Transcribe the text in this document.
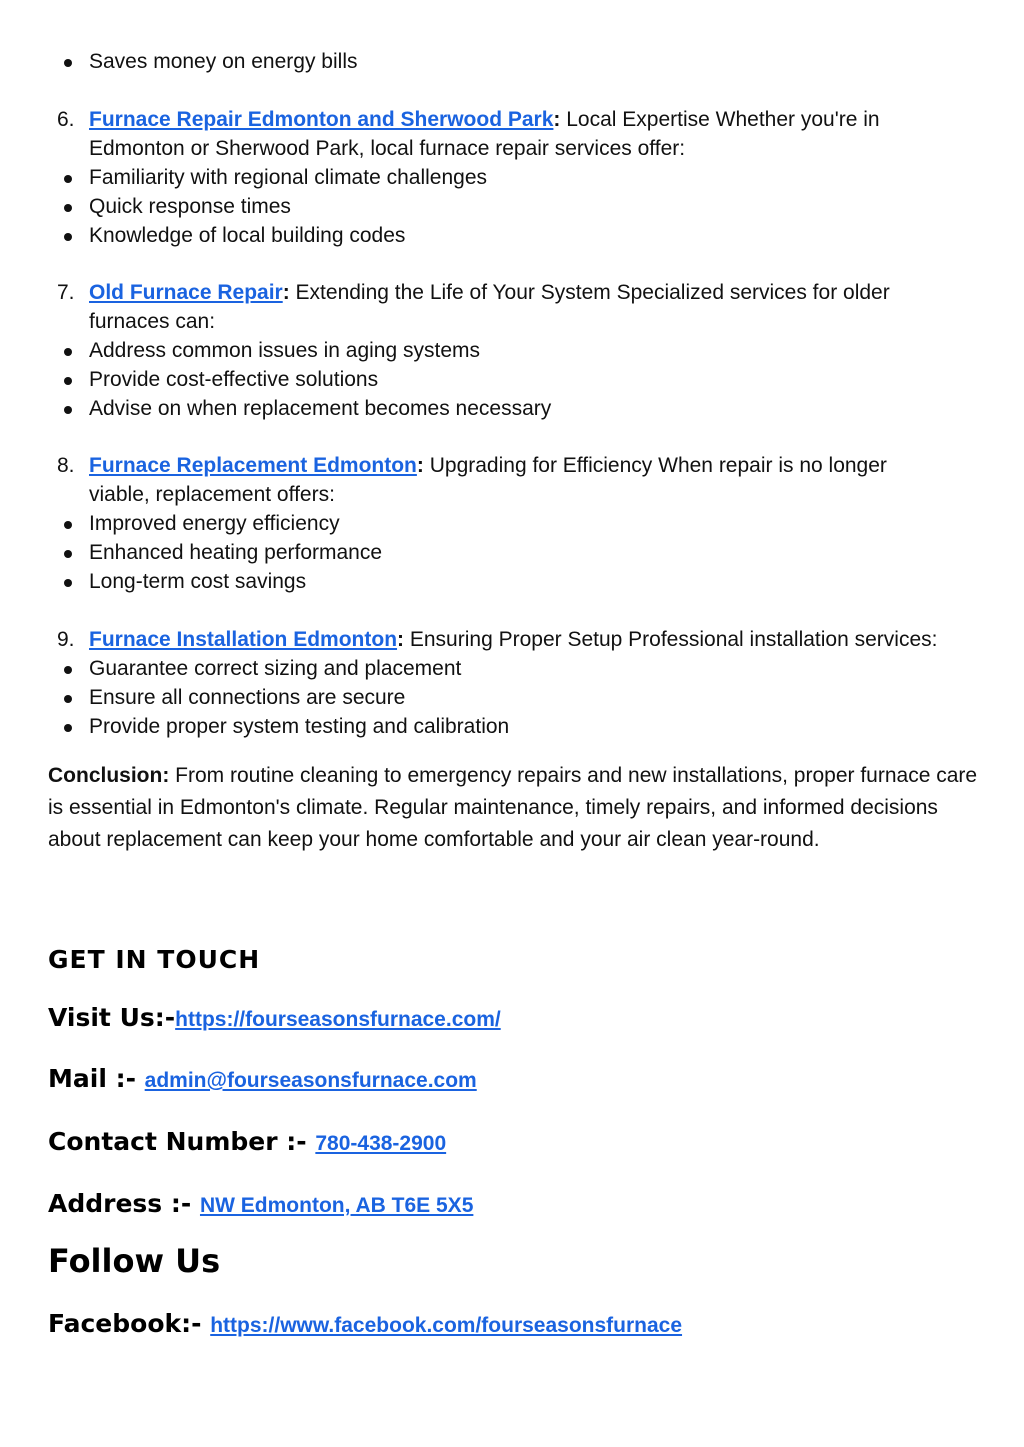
Saves money on energy bills
6. Furnace Repair Edmonton and Sherwood Park: Local Expertise Whether you're in
Edmonton or Sherwood Park, local furnace repair services offer:
Familiarity with regional climate challenges
Quick response times
Knowledge of local building codes
7. Old Furnace Repair: Extending the Life of Your System Specialized services for older
furnaces can:
Address common issues in aging systems
Provide cost-effective solutions
Advise on when replacement becomes necessary
8. Furnace Replacement Edmonton: Upgrading for Efficiency When repair is no longer
viable, replacement offers:
Improved energy efficiency
Enhanced heating performance
Long-term cost savings
9. Furnace Installation Edmonton: Ensuring Proper Setup Professional installation services:
Guarantee correct sizing and placement
Ensure all connections are secure
Provide proper system testing and calibration
Conclusion: From routine cleaning to emergency repairs and new installations, proper furnace care is essential in Edmonton's climate. Regular maintenance, timely repairs, and informed decisions about replacement can keep your home comfortable and your air clean year-round.
GET IN TOUCH
Visit Us:-https://fourseasonsfurnace.com/
Mail :- admin@fourseasonsfurnace.com
Contact Number :- 780-438-2900
Address :- NW Edmonton, AB T6E 5X5
Follow Us
Facebook:- https://www.facebook.com/fourseasonsfurnace
